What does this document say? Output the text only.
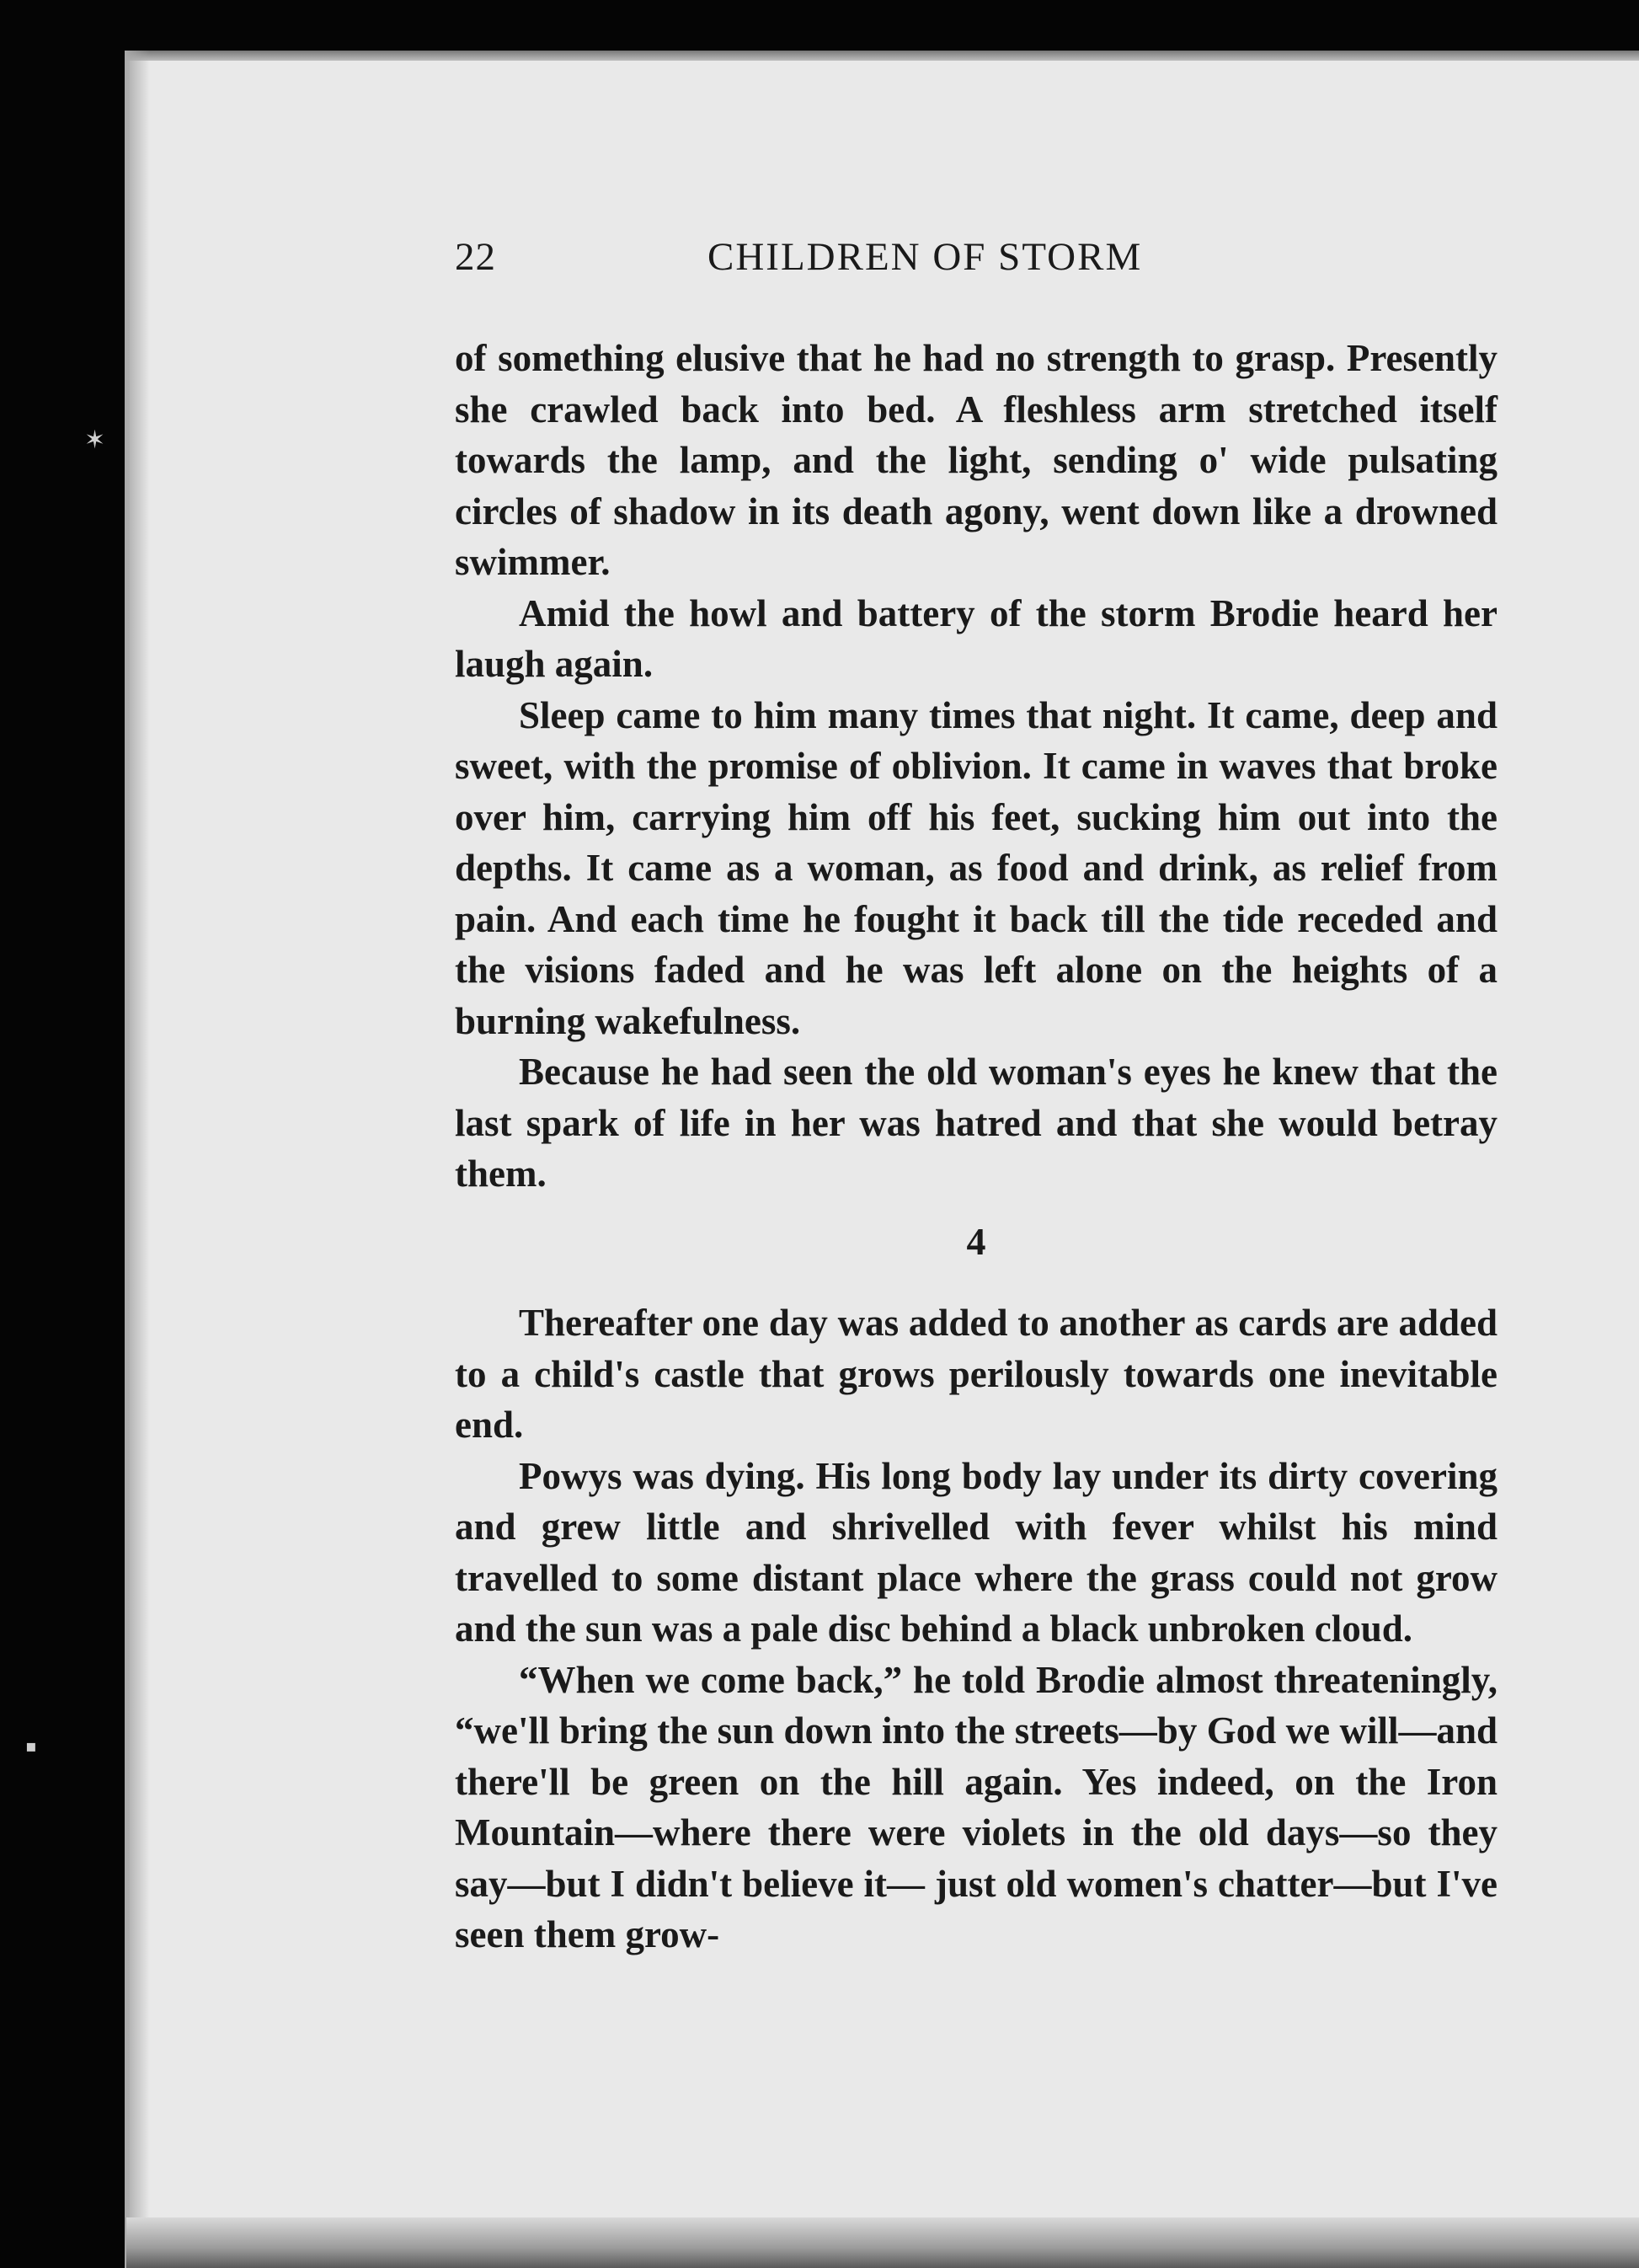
✶
▪
22	CHILDREN OF STORM

of something elusive that he had no strength to grasp. Presently she crawled back into bed. A fleshless arm stretched itself towards the lamp, and the light, sending o' wide pulsating circles of shadow in its death agony, went down like a drowned swimmer.

Amid the howl and battery of the storm Brodie heard her laugh again.

Sleep came to him many times that night. It came, deep and sweet, with the promise of oblivion. It came in waves that broke over him, carrying him off his feet, sucking him out into the depths. It came as a woman, as food and drink, as relief from pain. And each time he fought it back till the tide receded and the visions faded and he was left alone on the heights of a burning wakefulness.

Because he had seen the old woman's eyes he knew that the last spark of life in her was hatred and that she would betray them.

4

Thereafter one day was added to another as cards are added to a child's castle that grows perilously towards one inevitable end.

Powys was dying. His long body lay under its dirty covering and grew little and shrivelled with fever whilst his mind travelled to some distant place where the grass could not grow and the sun was a pale disc behind a black unbroken cloud.

“When we come back,” he told Brodie almost threateningly, “we'll bring the sun down into the streets—by God we will—and there'll be green on the hill again. Yes indeed, on the Iron Mountain—where there were violets in the old days—so they say—but I didn't believe it— just old women's chatter—but I've seen them grow-
